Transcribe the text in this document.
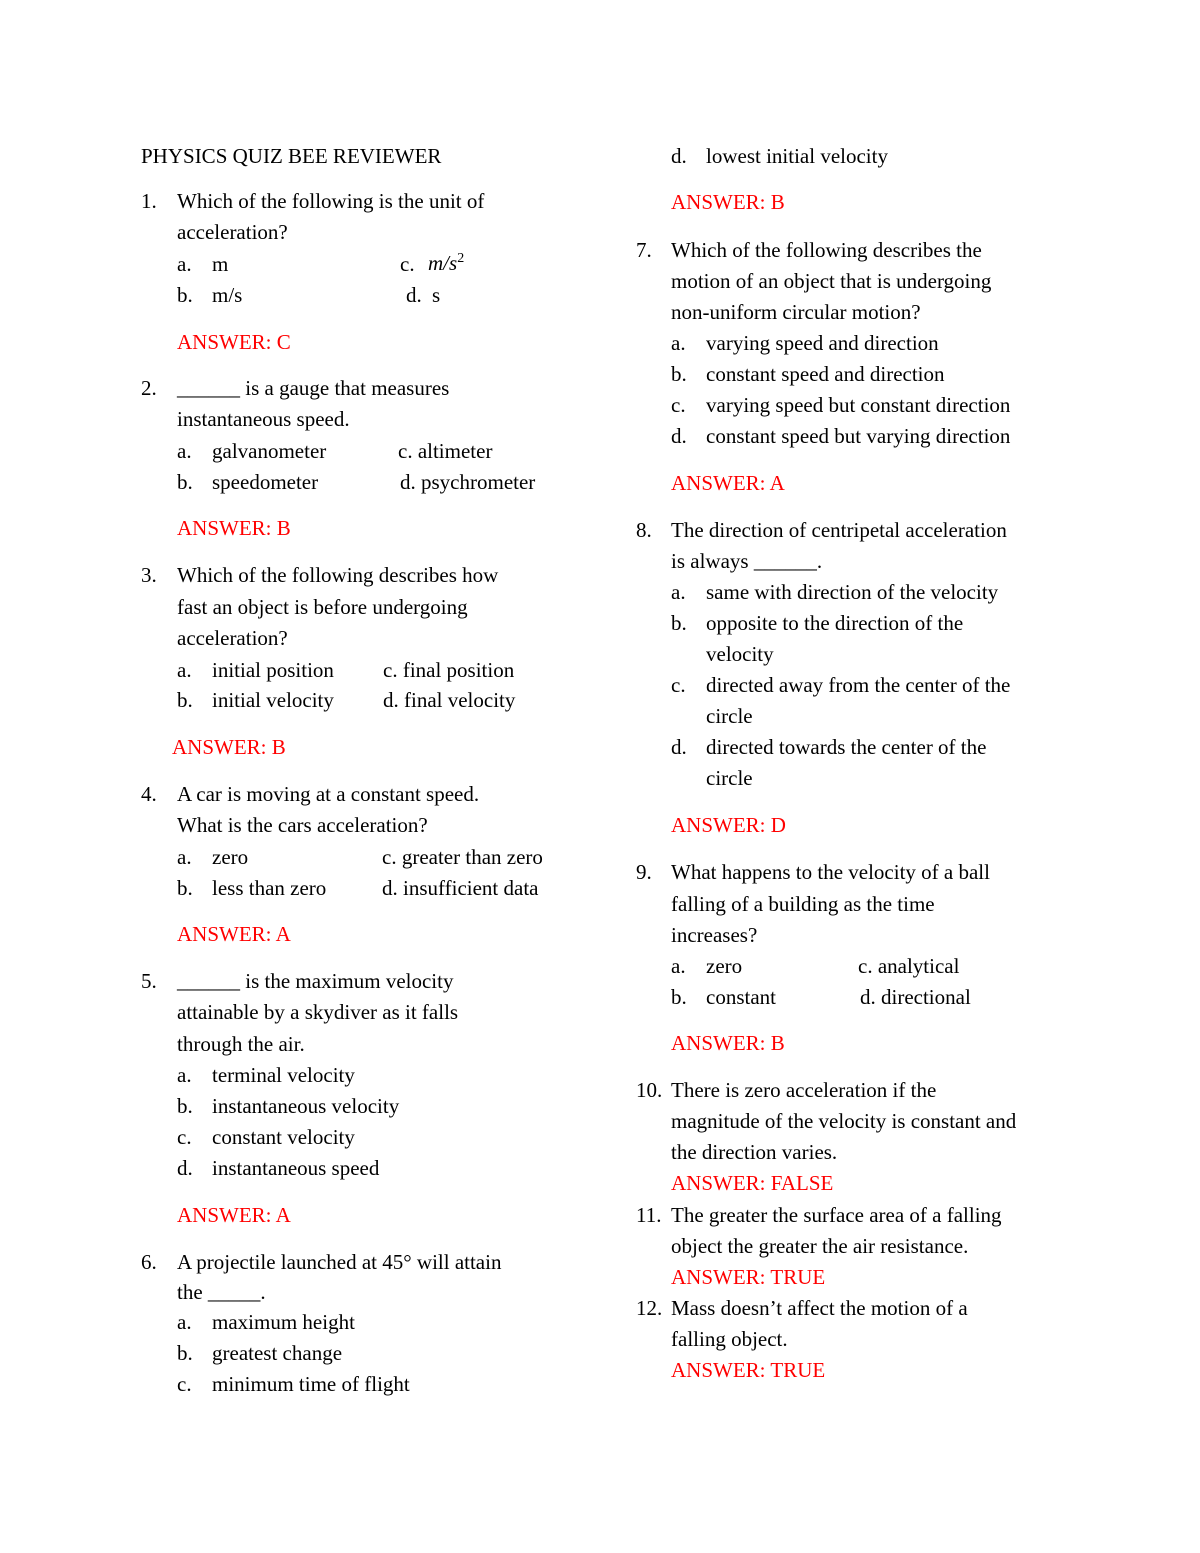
PHYSICS QUIZ BEE REVIEWER
1. Which of the following is the unit of
acceleration?
a. m	c. $m/s^2$
b. m/s	d. s
ANSWER: C
2. ______ is a gauge that measures
instantaneous speed.
a. galvanometer	c. altimeter
b. speedometer	d. psychrometer
ANSWER: B
3. Which of the following describes how
fast an object is before undergoing
acceleration?
a. initial position c. final position
b. initial velocity d. final velocity
ANSWER: B
4. A car is moving at a constant speed.
What is the cars acceleration?
a. zero	c. greater than zero
b. less than zero	d. insufficient data
ANSWER: A
5. ______ is the maximum velocity
attainable by a skydiver as it falls
through the air.
a. terminal velocity
b. instantaneous velocity
c. constant velocity
d. instantaneous speed
ANSWER: A
6. A projectile launched at 45° will attain
the _____.
a. maximum height
b. greatest change
c. minimum time of flight
d. lowest initial velocity
ANSWER: B
7. Which of the following describes the
motion of an object that is undergoing
non-uniform circular motion?
a. varying speed and direction
b. constant speed and direction
c. varying speed but constant direction
d. constant speed but varying direction
ANSWER: A
8. The direction of centripetal acceleration
is always ______.
a. same with direction of the velocity
b. opposite to the direction of the
velocity
c. directed away from the center of the
circle
d. directed towards the center of the
circle
ANSWER: D
9. What happens to the velocity of a ball
falling of a building as the time
increases?
a. zero	c. analytical
b. constant	d. directional
ANSWER: B
10. There is zero acceleration if the
magnitude of the velocity is constant and
the direction varies.
ANSWER: FALSE
11. The greater the surface area of a falling
object the greater the air resistance.
ANSWER: TRUE
12. Mass doesn’t affect the motion of a
falling object.
ANSWER: TRUE
